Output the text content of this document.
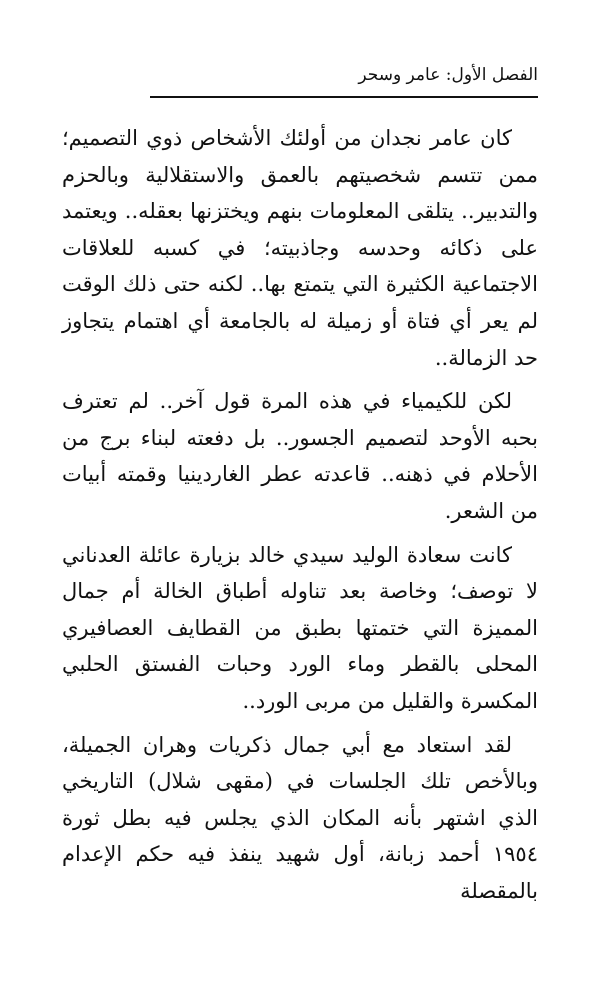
الفصل الأول: عامر وسحر

كان عامر نجدان من أولئك الأشخاص ذوي التصميم؛ ممن تتسم شخصيتهم بالعمق والاستقلالية وبالحزم والتدبير.. يتلقى المعلومات بنهم ويختزنها بعقله.. ويعتمد على ذكائه وحدسه وجاذبيته؛ في كسبه للعلاقات الاجتماعية الكثيرة التي يتمتع بها.. لكنه حتى ذلك الوقت لم يعر أي فتاة أو زميلة له بالجامعة أي اهتمام يتجاوز حد الزمالة..

لكن للكيمياء في هذه المرة قول آخر.. لم تعترف بحبه الأوحد لتصميم الجسور.. بل دفعته لبناء برج من الأحلام في ذهنه.. قاعدته عطر الغاردينيا وقمته أبيات من الشعر.

كانت سعادة الوليد سيدي خالد بزيارة عائلة العدناني لا توصف؛ وخاصة بعد تناوله أطباق الخالة أم جمال المميزة التي ختمتها بطبق من القطايف العصافيري المحلى بالقطر وماء الورد وحبات الفستق الحلبي المكسرة والقليل من مربى الورد..

لقد استعاد مع أبي جمال ذكريات وهران الجميلة، وبالأخص تلك الجلسات في (مقهى شلال) التاريخي الذي اشتهر بأنه المكان الذي يجلس فيه بطل ثورة ١٩٥٤ أحمد زبانة، أول شهيد ينفذ فيه حكم الإعدام بالمقصلة
